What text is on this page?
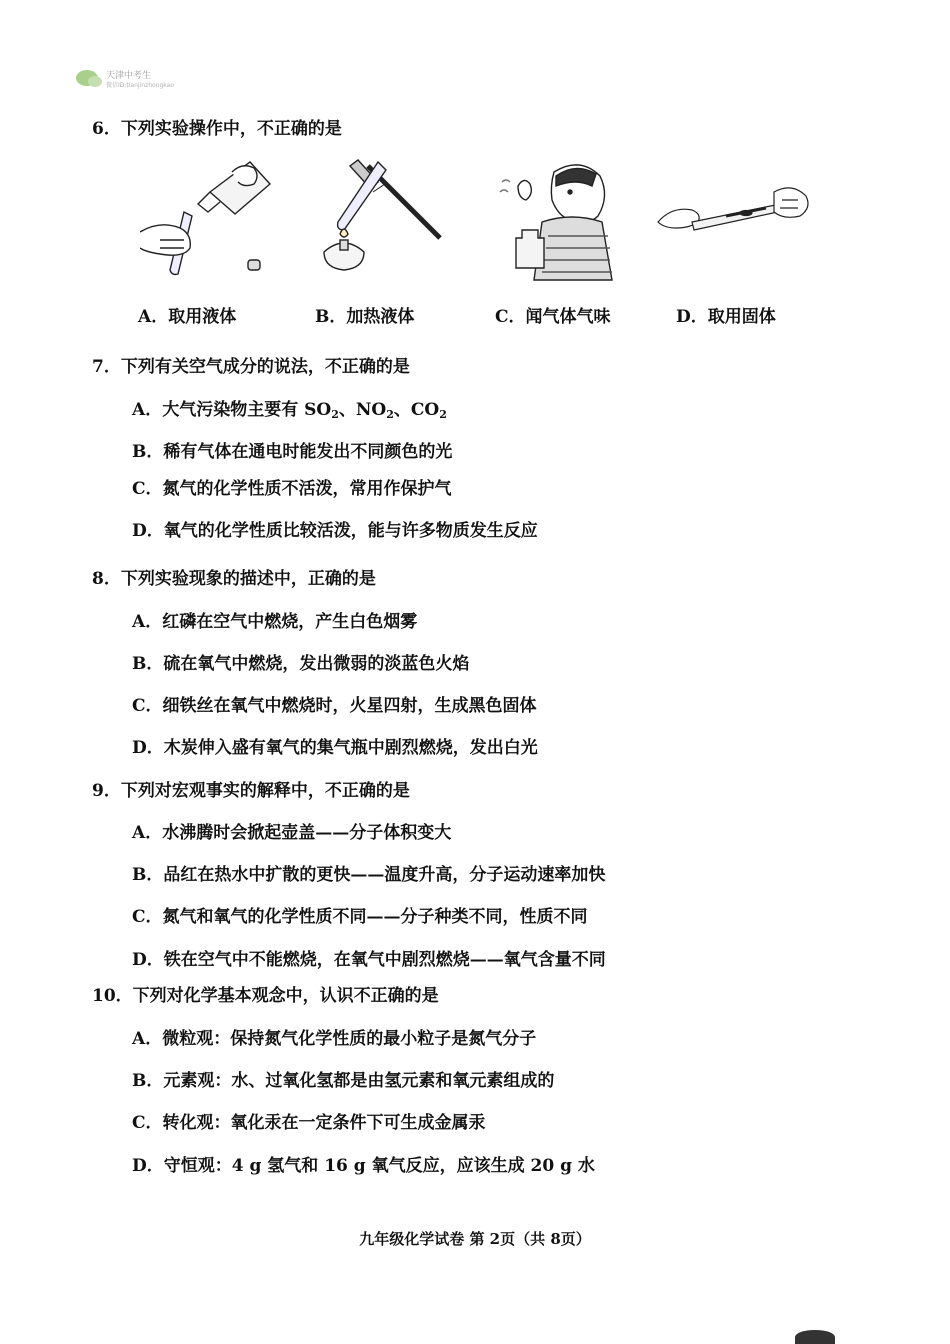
天津中考生
微信ID:tianjinzhongkao
6．下列实验操作中，不正确的是
A．取用液体	B．加热液体	C．闻气体气味	D．取用固体
7．下列有关空气成分的说法，不正确的是
A．大气污染物主要有 $SO_2$、$NO_2$、$CO_2$
B．稀有气体在通电时能发出不同颜色的光
C．氮气的化学性质不活泼，常用作保护气
D．氧气的化学性质比较活泼，能与许多物质发生反应
8．下列实验现象的描述中，正确的是
A．红磷在空气中燃烧，产生白色烟雾
B．硫在氧气中燃烧，发出微弱的淡蓝色火焰
C．细铁丝在氧气中燃烧时，火星四射，生成黑色固体
D．木炭伸入盛有氧气的集气瓶中剧烈燃烧，发出白光
9．下列对宏观事实的解释中，不正确的是
A．水沸腾时会掀起壶盖——分子体积变大
B．品红在热水中扩散的更快——温度升高，分子运动速率加快
C．氮气和氧气的化学性质不同——分子种类不同，性质不同
D．铁在空气中不能燃烧，在氧气中剧烈燃烧——氧气含量不同
10．下列对化学基本观念中，认识不正确的是
A．微粒观：保持氮气化学性质的最小粒子是氮气分子
B．元素观：水、过氧化氢都是由氢元素和氧元素组成的
C．转化观：氧化汞在一定条件下可生成金属汞
D．守恒观：4 g 氢气和 16 g 氧气反应，应该生成 20 g 水
九年级化学试卷 第 2页（共 8页）
